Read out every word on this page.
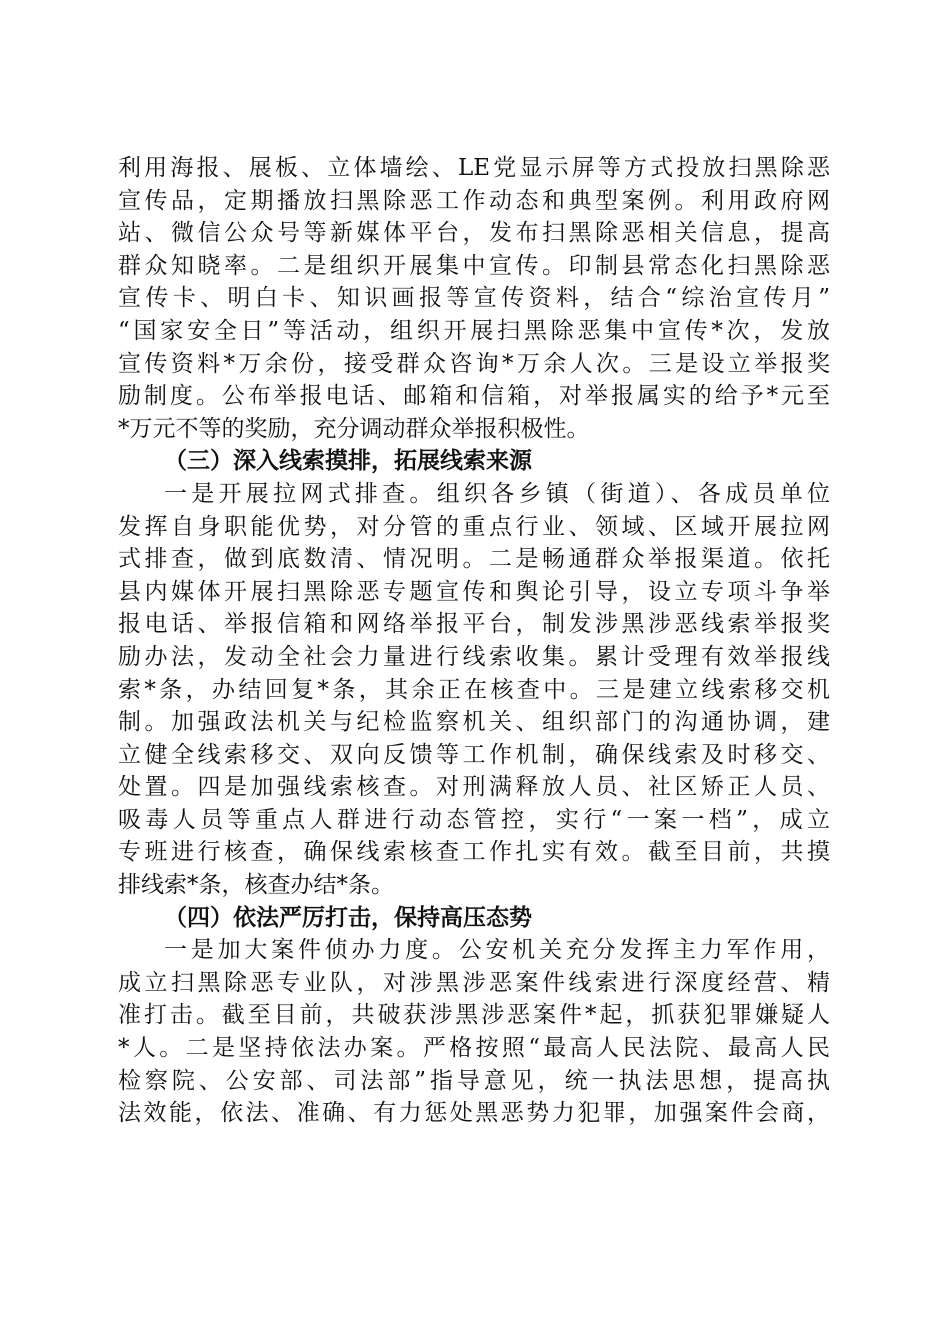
利用海报、展板、立体墙绘、LE党显示屏等方式投放扫黑除恶
宣传品，定期播放扫黑除恶工作动态和典型案例。利用政府网
站、微信公众号等新媒体平台，发布扫黑除恶相关信息，提高
群众知晓率。二是组织开展集中宣传。印制县常态化扫黑除恶
宣传卡、明白卡、知识画报等宣传资料，结合“综治宣传月”
“国家安全日”等活动，组织开展扫黑除恶集中宣传*次，发放
宣传资料*万余份，接受群众咨询*万余人次。三是设立举报奖
励制度。公布举报电话、邮箱和信箱，对举报属实的给予*元至
*万元不等的奖励，充分调动群众举报积极性。
（三）深入线索摸排，拓展线索来源
一是开展拉网式排查。组织各乡镇（街道）、各成员单位
发挥自身职能优势，对分管的重点行业、领域、区域开展拉网
式排查，做到底数清、情况明。二是畅通群众举报渠道。依托
县内媒体开展扫黑除恶专题宣传和舆论引导，设立专项斗争举
报电话、举报信箱和网络举报平台，制发涉黑涉恶线索举报奖
励办法，发动全社会力量进行线索收集。累计受理有效举报线
索*条，办结回复*条，其余正在核查中。三是建立线索移交机
制。加强政法机关与纪检监察机关、组织部门的沟通协调，建
立健全线索移交、双向反馈等工作机制，确保线索及时移交、
处置。四是加强线索核查。对刑满释放人员、社区矫正人员、
吸毒人员等重点人群进行动态管控，实行“一案一档”，成立
专班进行核查，确保线索核查工作扎实有效。截至目前，共摸
排线索*条，核查办结*条。
（四）依法严厉打击，保持高压态势
一是加大案件侦办力度。公安机关充分发挥主力军作用，
成立扫黑除恶专业队，对涉黑涉恶案件线索进行深度经营、精
准打击。截至目前，共破获涉黑涉恶案件*起，抓获犯罪嫌疑人
*人。二是坚持依法办案。严格按照“最高人民法院、最高人民
检察院、公安部、司法部”指导意见，统一执法思想，提高执
法效能，依法、准确、有力惩处黑恶势力犯罪，加强案件会商，
